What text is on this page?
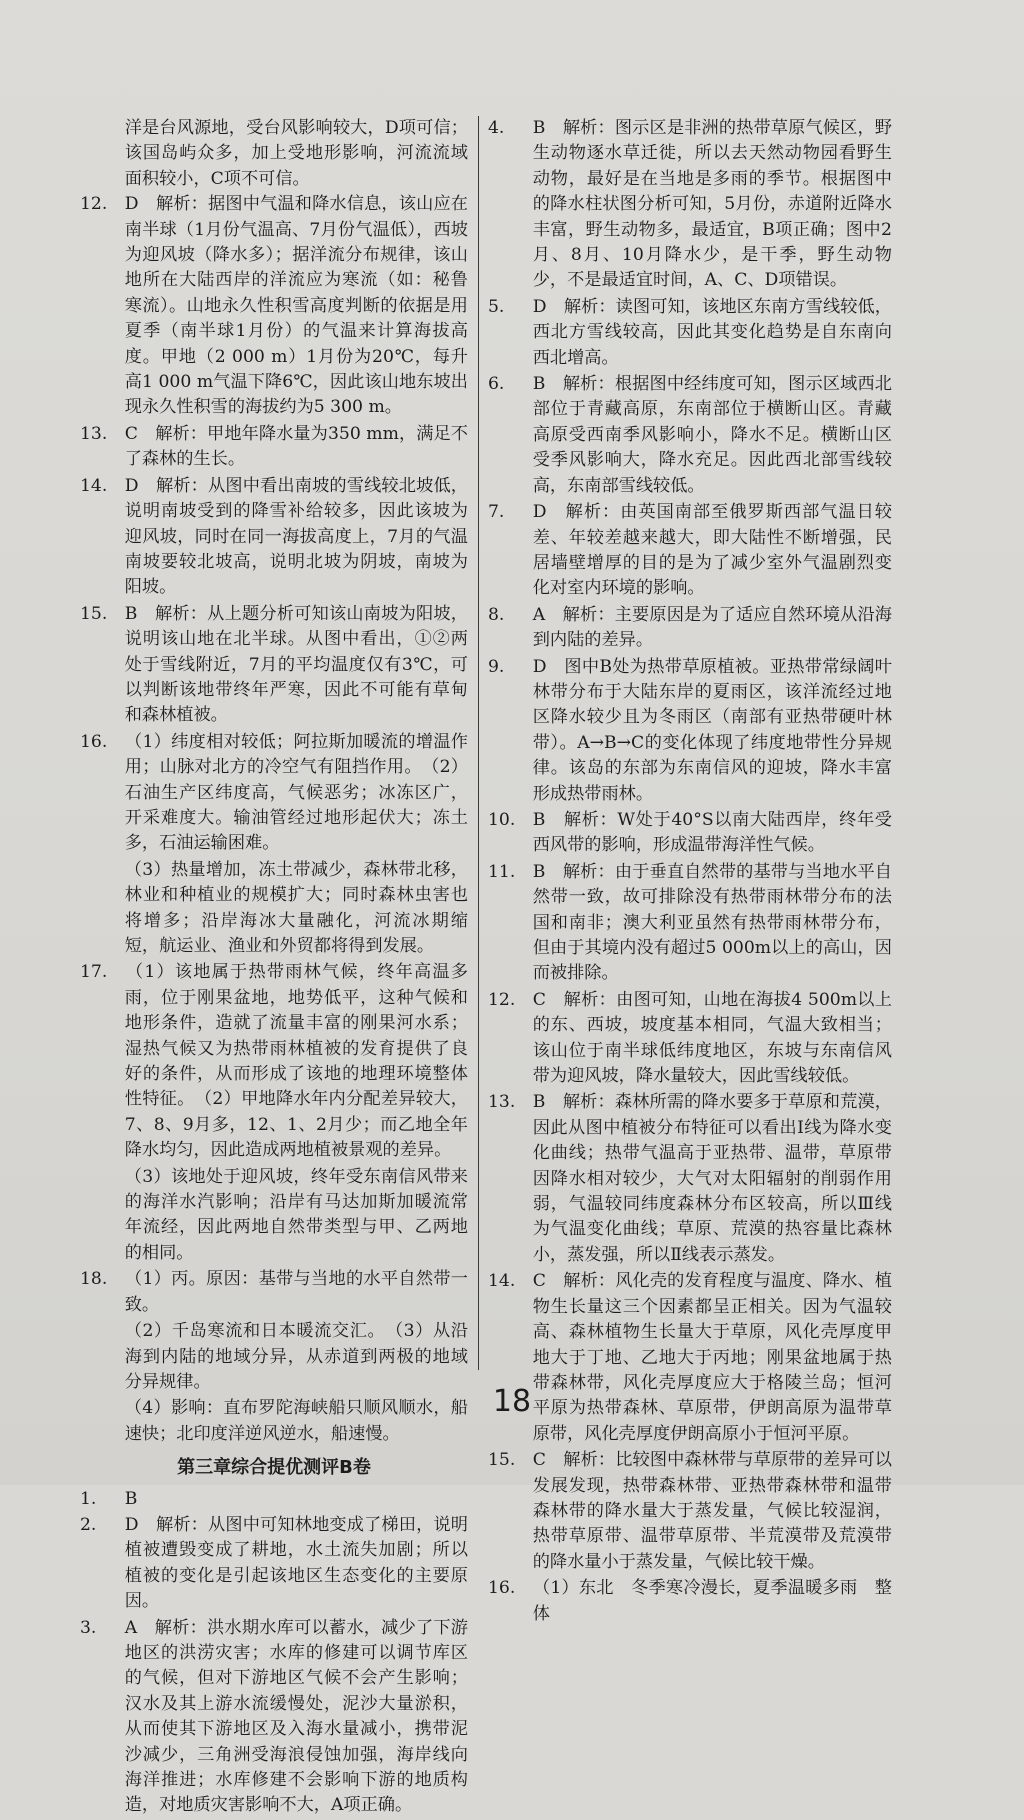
洋是台风源地，受台风影响较大，D项可信；该国岛屿众多，加上受地形影响，河流流域面积较小，C项不可信。

12. D　解析：据图中气温和降水信息，该山应在南半球（1月份气温高、7月份气温低），西坡为迎风坡（降水多）；据洋流分布规律，该山地所在大陆西岸的洋流应为寒流（如：秘鲁寒流）。山地永久性积雪高度判断的依据是用夏季（南半球1月份）的气温来计算海拔高度。甲地（2 000 m）1月份为20℃，每升高1 000 m气温下降6℃，因此该山地东坡出现永久性积雪的海拔约为5 300 m。

13. C　解析：甲地年降水量为350 mm，满足不了森林的生长。

14. D　解析：从图中看出南坡的雪线较北坡低，说明南坡受到的降雪补给较多，因此该坡为迎风坡，同时在同一海拔高度上，7月的气温南坡要较北坡高，说明北坡为阴坡，南坡为阳坡。

15. B　解析：从上题分析可知该山南坡为阳坡，说明该山地在北半球。从图中看出，①②两处于雪线附近，7月的平均温度仅有3℃，可以判断该地带终年严寒，因此不可能有草甸和森林植被。

16. （1）纬度相对较低；阿拉斯加暖流的增温作用；山脉对北方的冷空气有阻挡作用。　（2）石油生产区纬度高，气候恶劣；冰冻区广，开采难度大。输油管经过地形起伏大；冻土多，石油运输困难。

（3）热量增加，冻土带减少，森林带北移，林业和种植业的规模扩大；同时森林虫害也将增多；沿岸海冰大量融化，河流冰期缩短，航运业、渔业和外贸都将得到发展。

17. （1）该地属于热带雨林气候，终年高温多雨，位于刚果盆地，地势低平，这种气候和地形条件，造就了流量丰富的刚果河水系；湿热气候又为热带雨林植被的发育提供了良好的条件，从而形成了该地的地理环境整体性特征。　（2）甲地降水年内分配差异较大，7、8、9月多，12、1、2月少；而乙地全年降水均匀，因此造成两地植被景观的差异。

（3）该地处于迎风坡，终年受东南信风带来的海洋水汽影响；沿岸有马达加斯加暖流常年流经，因此两地自然带类型与甲、乙两地的相同。

18. （1）丙。原因：基带与当地的水平自然带一致。

（2）千岛寒流和日本暖流交汇。　（3）从沿海到内陆的地域分异，从赤道到两极的地域分异规律。

（4）影响：直布罗陀海峡船只顺风顺水，船速快；北印度洋逆风逆水，船速慢。

第三章综合提优测评B卷

1. B

2. D　解析：从图中可知林地变成了梯田，说明植被遭毁变成了耕地，水土流失加剧；所以植被的变化是引起该地区生态变化的主要原因。

3. A　解析：洪水期水库可以蓄水，减少了下游地区的洪涝灾害；水库的修建可以调节库区的气候，但对下游地区气候不会产生影响；汉水及其上游水流缓慢处，泥沙大量淤积，从而使其下游地区及入海水量减小，携带泥沙减少，三角洲受海浪侵蚀加强，海岸线向海洋推进；水库修建不会影响下游的地质构造，对地质灾害影响不大，A项正确。

4. B　解析：图示区是非洲的热带草原气候区，野生动物逐水草迁徙，所以去天然动物园看野生动物，最好是在当地是多雨的季节。根据图中的降水柱状图分析可知，5月份，赤道附近降水丰富，野生动物多，最适宜，B项正确；图中2月、8月、10月降水少，是干季，野生动物少，不是最适宜时间，A、C、D项错误。

5. D　解析：读图可知，该地区东南方雪线较低，西北方雪线较高，因此其变化趋势是自东南向西北增高。

6. B　解析：根据图中经纬度可知，图示区域西北部位于青藏高原，东南部位于横断山区。青藏高原受西南季风影响小，降水不足。横断山区受季风影响大，降水充足。因此西北部雪线较高，东南部雪线较低。

7. D　解析：由英国南部至俄罗斯西部气温日较差、年较差越来越大，即大陆性不断增强，民居墙壁增厚的目的是为了减少室外气温剧烈变化对室内环境的影响。

8. A　解析：主要原因是为了适应自然环境从沿海到内陆的差异。

9. D　图中B处为热带草原植被。亚热带常绿阔叶林带分布于大陆东岸的夏雨区，该洋流经过地区降水较少且为冬雨区（南部有亚热带硬叶林带）。A→B→C的变化体现了纬度地带性分异规律。该岛的东部为东南信风的迎坡，降水丰富形成热带雨林。

10. B　解析：W处于40°S以南大陆西岸，终年受西风带的影响，形成温带海洋性气候。

11. B　解析：由于垂直自然带的基带与当地水平自然带一致，故可排除没有热带雨林带分布的法国和南非；澳大利亚虽然有热带雨林带分布，但由于其境内没有超过5 000m以上的高山，因而被排除。

12. C　解析：由图可知，山地在海拔4 500m以上的东、西坡，坡度基本相同，气温大致相当；该山位于南半球低纬度地区，东坡与东南信风带为迎风坡，降水量较大，因此雪线较低。

13. B　解析：森林所需的降水要多于草原和荒漠，因此从图中植被分布特征可以看出Ⅰ线为降水变化曲线；热带气温高于亚热带、温带，草原带因降水相对较少，大气对太阳辐射的削弱作用弱，气温较同纬度森林分布区较高，所以Ⅲ线为气温变化曲线；草原、荒漠的热容量比森林小，蒸发强，所以Ⅱ线表示蒸发。

14. C　解析：风化壳的发育程度与温度、降水、植物生长量这三个因素都呈正相关。因为气温较高、森林植物生长量大于草原，风化壳厚度甲地大于丁地、乙地大于丙地；刚果盆地属于热带森林带，风化壳厚度应大于格陵兰岛；恒河平原为热带森林、草原带，伊朗高原为温带草原带，风化壳厚度伊朗高原小于恒河平原。

15. C　解析：比较图中森林带与草原带的差异可以发展发现，热带森林带、亚热带森林带和温带森林带的降水量大于蒸发量，气候比较湿润，热带草原带、温带草原带、半荒漠带及荒漠带的降水量小于蒸发量，气候比较干燥。

16. （1）东北　冬季寒冷漫长，夏季温暖多雨　整体

18
